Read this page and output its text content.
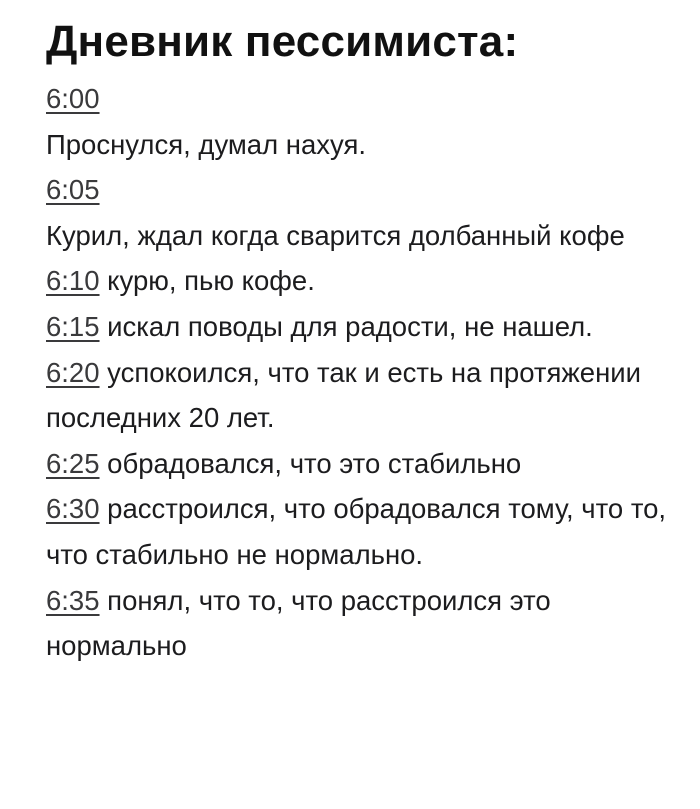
Дневник пессимиста:
6:00
Проснулся, думал нахуя.
6:05
Курил, ждал когда сварится долбанный кофе
6:10 курю, пью кофе.
6:15 искал поводы для радости, не нашел.
6:20 успокоился, что так и есть на протяжении последних 20 лет.
6:25 обрадовался, что это стабильно
6:30 расстроился, что обрадовался тому, что то, что стабильно не нормально.
6:35 понял, что то, что расстроился это нормально
